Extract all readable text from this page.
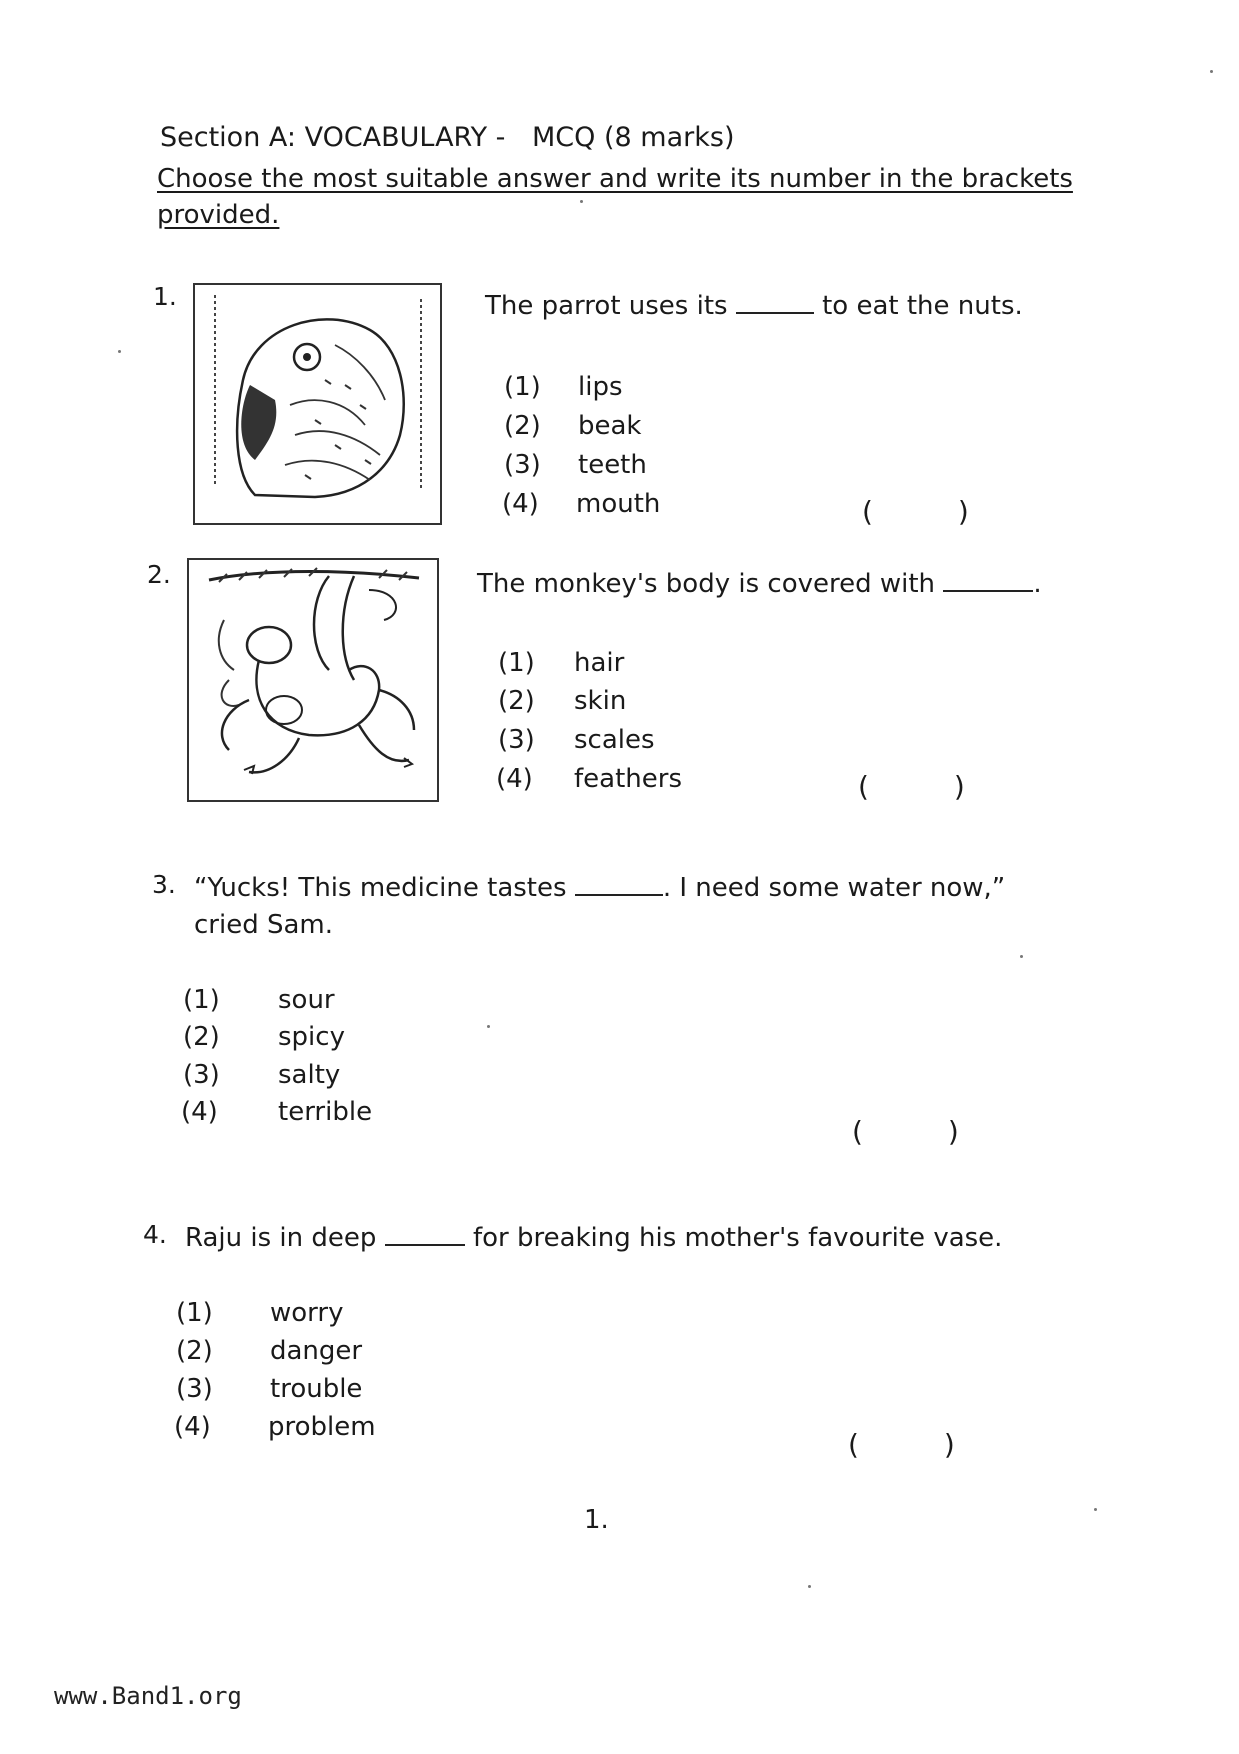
Section A: VOCABULARY - MCQ (8 marks)
Choose the most suitable answer and write its number in the brackets
provided.
1.	The parrot uses its	to eat the nuts.
(1) lips
(2) beak
(3) teeth
(4) mouth	( )
2.	The monkey's body is covered with	.
(1) hair
(2) skin
(3) scales
(4) feathers	( )
3. “Yucks! This medicine tastes	. I need some water now,”
cried Sam.
(1) sour
(2) spicy
(3) salty
(4) terrible
( )
4. Raju is in deep	for breaking his mother's favourite vase.
(1) worry
(2) danger
(3) trouble
(4) problem
( )
1.
www.Band1.org
